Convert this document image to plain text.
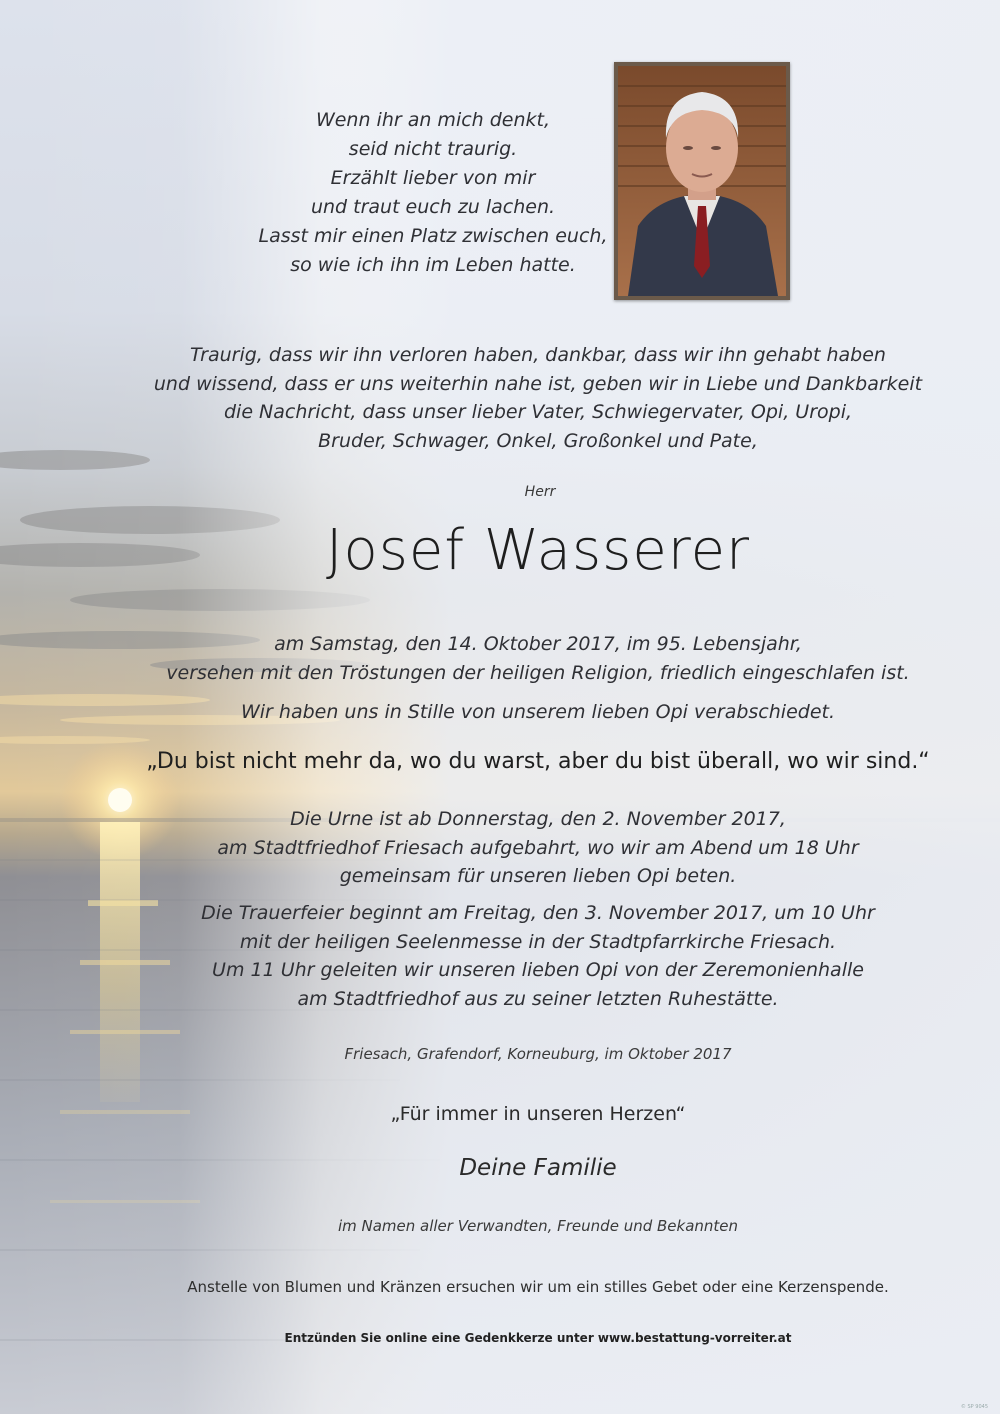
Wenn ihr an mich denkt,
seid nicht traurig.
Erzählt lieber von mir
und traut euch zu lachen.
Lasst mir einen Platz zwischen euch,
so wie ich ihn im Leben hatte.
Traurig, dass wir ihn verloren haben, dankbar, dass wir ihn gehabt haben
und wissend, dass er uns weiterhin nahe ist, geben wir in Liebe und Dankbarkeit
die Nachricht, dass unser lieber Vater, Schwiegervater, Opi, Uropi,
Bruder, Schwager, Onkel, Großonkel und Pate,
Herr
Josef Wasserer
am Samstag, den 14. Oktober 2017, im 95. Lebensjahr,
versehen mit den Tröstungen der heiligen Religion, friedlich eingeschlafen ist.
Wir haben uns in Stille von unserem lieben Opi verabschiedet.
„Du bist nicht mehr da, wo du warst, aber du bist überall, wo wir sind.“
Die Urne ist ab Donnerstag, den 2. November 2017,
am Stadtfriedhof Friesach aufgebahrt, wo wir am Abend um 18 Uhr
gemeinsam für unseren lieben Opi beten.
Die Trauerfeier beginnt am Freitag, den 3. November 2017, um 10 Uhr
mit der heiligen Seelenmesse in der Stadtpfarrkirche Friesach.
Um 11 Uhr geleiten wir unseren lieben Opi von der Zeremonienhalle
am Stadtfriedhof aus zu seiner letzten Ruhestätte.
Friesach, Grafendorf, Korneuburg, im Oktober 2017
„Für immer in unseren Herzen“
Deine Familie
im Namen aller Verwandten, Freunde und Bekannten
Anstelle von Blumen und Kränzen ersuchen wir um ein stilles Gebet oder eine Kerzenspende.
Entzünden Sie online eine Gedenkkerze unter www.bestattung-vorreiter.at
© SP 9045
